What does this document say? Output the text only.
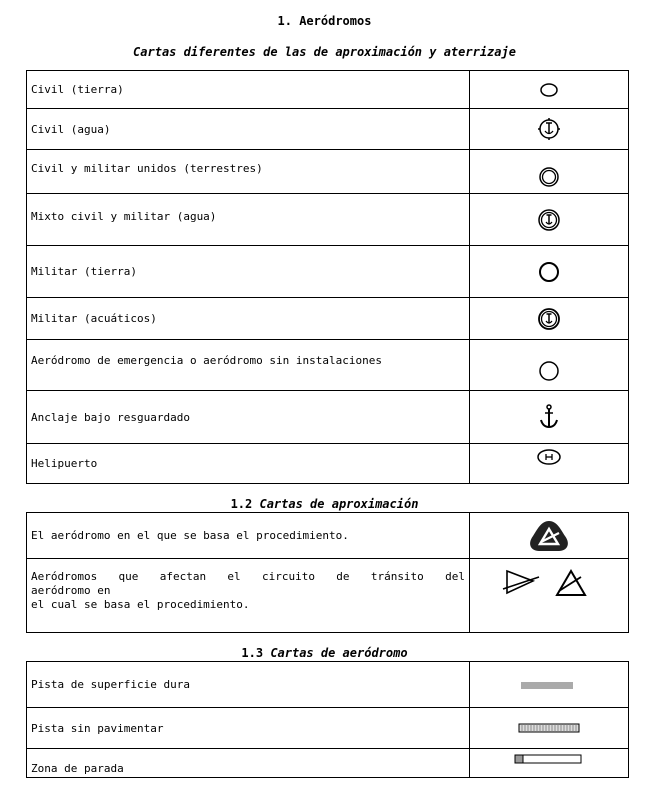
1. Aeródromos
Cartas diferentes de las de aproximación y aterrizaje
Civil (tierra)	

Civil (agua)	

Civil y militar unidos (terrestres)	

Mixto civil y militar (agua)	

Militar (tierra)	

Militar (acuáticos)	

Aeródromo de emergencia o aeródromo sin instalaciones	

Anclaje bajo resguardado	

Helipuerto	
1.2 Cartas de aproximación
El aeródromo en el que se basa el procedimiento.	

Aeródromos que afectan el circuito de tránsito del
aeródromo en
el cual se basa el procedimiento.

1.3 Cartas de aeródromo
Pista de superficie dura	

Pista sin pavimentar	

Zona de parada	
